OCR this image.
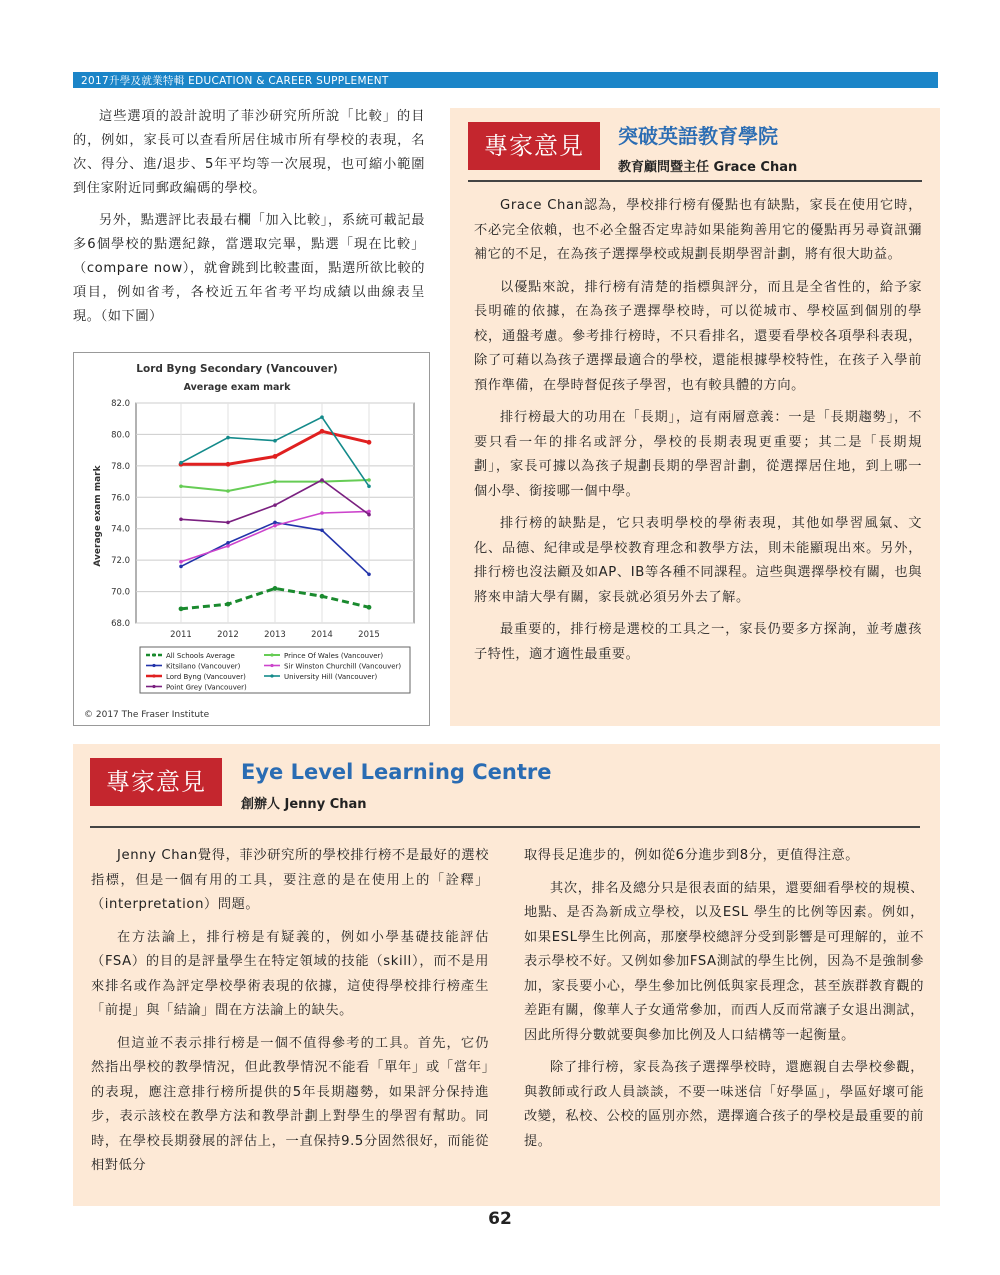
2017升學及就業特輯 EDUCATION & CAREER SUPPLEMENT

這些選項的設計說明了菲沙研究所所說「比較」的目的，例如，家長可以查看所居住城市所有學校的表現，名次、得分、進/退步、5年平均等一次展現，也可縮小範圍到住家附近同郵政編碼的學校。

另外，點選評比表最右欄「加入比較」，系統可載記最多6個學校的點選紀錄，當選取完畢，點選「現在比較」（compare now），就會跳到比較畫面，點選所欲比較的項目，例如省考，各校近五年省考平均成績以曲線表呈現。（如下圖）

Lord Byng Secondary (Vancouver)
Average exam mark
Average exam mark
82.0
80.0
78.0
76.0
74.0
72.0
70.0
68.0
2011	2012	2013	2014	2015
All Schools Average	Prince Of Wales (Vancouver)
Kitsilano (Vancouver)	Sir Winston Churchill (Vancouver)
Lord Byng (Vancouver)	University Hill (Vancouver)
Point Grey (Vancouver)
© 2017 The Fraser Institute
專家意見	突破英語教育學院
教育顧問暨主任 Grace Chan

Grace Chan認為，學校排行榜有優點也有缺點，家長在使用它時，不必完全依賴，也不必全盤否定卑詩如果能夠善用它的優點再另尋資訊彌補它的不足，在為孩子選擇學校或規劃長期學習計劃，將有很大助益。

以優點來說，排行榜有清楚的指標與評分，而且是全省性的，給予家長明確的依據，在為孩子選擇學校時，可以從城市、學校區到個別的學校，通盤考慮。參考排行榜時，不只看排名，還要看學校各項學科表現，除了可藉以為孩子選擇最適合的學校，還能根據學校特性，在孩子入學前預作準備，在學時督促孩子學習，也有較具體的方向。

排行榜最大的功用在「長期」，這有兩層意義：一是「長期趨勢」，不要只看一年的排名或評分，學校的長期表現更重要；其二是「長期規劃」，家長可據以為孩子規劃長期的學習計劃，從選擇居住地，到上哪一個小學、銜接哪一個中學。

排行榜的缺點是，它只表明學校的學術表現，其他如學習風氣、文化、品德、紀律或是學校教育理念和教學方法，則未能顯現出來。另外，排行榜也沒法顧及如AP、IB等各種不同課程。這些與選擇學校有關，也與將來申請大學有關，家長就必須另外去了解。

最重要的，排行榜是選校的工具之一，家長仍要多方探詢，並考慮孩子特性，適才適性最重要。

專家意見	Eye Level Learning Centre
創辦人 Jenny Chan

Jenny Chan覺得，菲沙研究所的學校排行榜不是最好的選校指標，但是一個有用的工具，要注意的是在使用上的「詮釋」（interpretation）問題。

在方法論上，排行榜是有疑義的，例如小學基礎技能評估（FSA）的目的是評量學生在特定領域的技能（skill），而不是用來排名或作為評定學校學術表現的依據，這使得學校排行榜產生「前提」與「結論」間在方法論上的缺失。

但這並不表示排行榜是一個不值得參考的工具。首先，它仍然指出學校的教學情況，但此教學情況不能看「單年」或「當年」的表現，應注意排行榜所提供的5年長期趨勢，如果評分保持進步，表示該校在教學方法和教學計劃上對學生的學習有幫助。同時，在學校長期發展的評估上，一直保持9.5分固然很好，而能從相對低分

取得長足進步的，例如從6分進步到8分，更值得注意。

其次，排名及總分只是很表面的結果，還要細看學校的規模、地點、是否為新成立學校，以及ESL 學生的比例等因素。例如，如果ESL學生比例高，那麼學校總評分受到影響是可理解的，並不表示學校不好。又例如參加FSA測試的學生比例，因為不是強制參加，家長要小心，學生參加比例低與家長理念，甚至族群教育觀的差距有關，像華人子女通常參加，而西人反而常讓子女退出測試，因此所得分數就要與參加比例及人口結構等一起衡量。

除了排行榜，家長為孩子選擇學校時，還應親自去學校參觀，與教師或行政人員談談，不要一味迷信「好學區」，學區好壞可能改變，私校、公校的區別亦然，選擇適合孩子的學校是最重要的前提。

62
